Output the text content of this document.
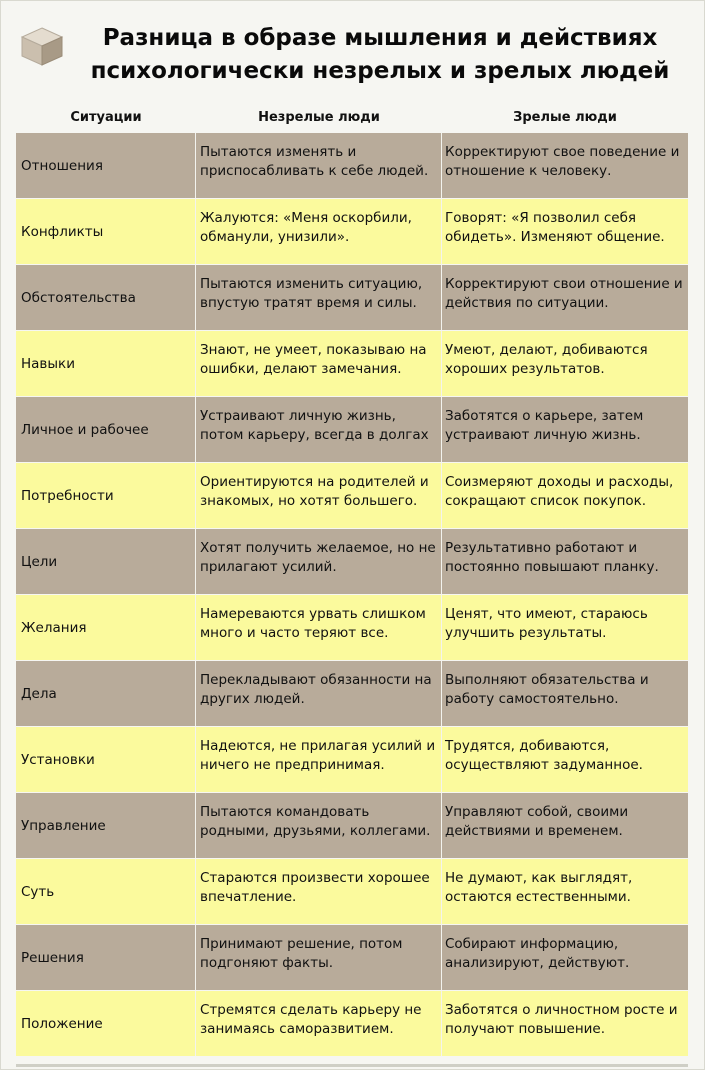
Разница в образе мышления и действиях психологически незрелых и зрелых людей
Ситуации	Незрелые люди	Зрелые люди
Отношения
Пытаются изменять и приспосабливать к себе людей.
Корректируют свое поведение и отношение к человеку.
Конфликты
Жалуются: «Меня оскорбили, обманули, унизили».
Говорят: «Я позволил себя обидеть». Изменяют общение.
Обстоятельства
Пытаются изменить ситуацию, впустую тратят время и силы.
Корректируют свои отношение и действия по ситуации.
Навыки
Знают, не умеет, показываю на ошибки, делают замечания.
Умеют, делают, добиваются хороших результатов.
Личное и рабочее
Устраивают личную жизнь, потом карьеру, всегда в долгах
Заботятся о карьере, затем устраивают личную жизнь.
Потребности
Ориентируются на родителей и знакомых, но хотят большего.
Соизмеряют доходы и расходы, сокращают список покупок.
Цели
Хотят получить желаемое, но не прилагают усилий.
Результативно работают и постоянно повышают планку.
Желания
Намереваются урвать слишком много и часто теряют все.
Ценят, что имеют, стараюсь улучшить результаты.
Дела
Перекладывают обязанности на других людей.
Выполняют обязательства и работу самостоятельно.
Установки
Надеются, не прилагая усилий и ничего не предпринимая.
Трудятся, добиваются, осуществляют задуманное.
Управление
Пытаются командовать родными, друзьями, коллегами.
Управляют собой, своими действиями и временем.
Суть
Стараются произвести хорошее впечатление.
Не думают, как выглядят, остаются естественными.
Решения
Принимают решение, потом подгоняют факты.
Собирают информацию, анализируют, действуют.
Положение
Стремятся сделать карьеру не занимаясь саморазвитием.
Заботятся о личностном росте и получают повышение.
